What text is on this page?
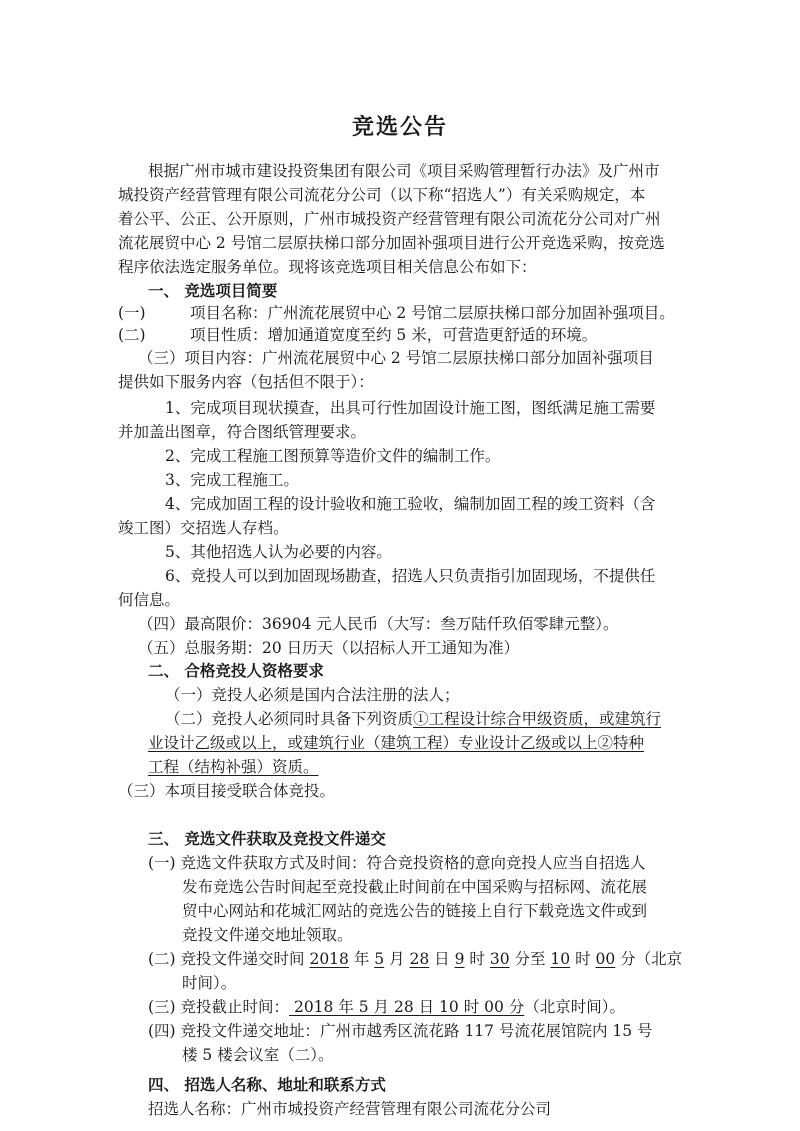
竞选公告
根据广州市城市建设投资集团有限公司《项目采购管理暂行办法》及广州市
城投资产经营管理有限公司流花分公司（以下称“招选人”）有关采购规定，本
着公平、公正、公开原则，广州市城投资产经营管理有限公司流花分公司对广州
流花展贸中心 2 号馆二层原扶梯口部分加固补强项目进行公开竞选采购，按竞选
程序依法选定服务单位。现将该竞选项目相关信息公布如下：
一、 竞选项目简要
(一)	项目名称：广州流花展贸中心 2 号馆二层原扶梯口部分加固补强项目。
(二)	项目性质：增加通道宽度至约 5 米，可营造更舒适的环境。
（三）项目内容：广州流花展贸中心 2 号馆二层原扶梯口部分加固补强项目
提供如下服务内容（包括但不限于）：
1、完成项目现状摸查，出具可行性加固设计施工图，图纸满足施工需要
并加盖出图章，符合图纸管理要求。
2、完成工程施工图预算等造价文件的编制工作。
3、完成工程施工。
4、完成加固工程的设计验收和施工验收，编制加固工程的竣工资料（含
竣工图）交招选人存档。
5、其他招选人认为必要的内容。
6、竞投人可以到加固现场勘查，招选人只负责指引加固现场，不提供任
何信息。
（四）最高限价：36904 元人民币（大写：叁万陆仟玖佰零肆元整）。
（五）总服务期：20 日历天（以招标人开工通知为准）
二、 合格竞投人资格要求
（一）竞投人必须是国内合法注册的法人；
（二）竞投人必须同时具备下列资质①工程设计综合甲级资质，或建筑行
业设计乙级或以上，或建筑行业（建筑工程）专业设计乙级或以上②特种
工程（结构补强）资质。
（三）本项目接受联合体竞投。
三、 竞选文件获取及竞投文件递交
(一) 竞选文件获取方式及时间：符合竞投资格的意向竞投人应当自招选人
发布竞选公告时间起至竞投截止时间前在中国采购与招标网、流花展
贸中心网站和花城汇网站的竞选公告的链接上自行下载竞选文件或到
竞投文件递交地址领取。
(二) 竞投文件递交时间 2018 年 5 月 28 日 9 时 30 分至 10 时 00 分（北京
时间）。
(三) 竞投截止时间： 2018 年 5 月 28 日 10 时 00 分（北京时间）。
(四) 竞投文件递交地址：广州市越秀区流花路 117 号流花展馆院内 15 号
楼 5 楼会议室（二）。
四、 招选人名称、地址和联系方式
招选人名称：广州市城投资产经营管理有限公司流花分公司
